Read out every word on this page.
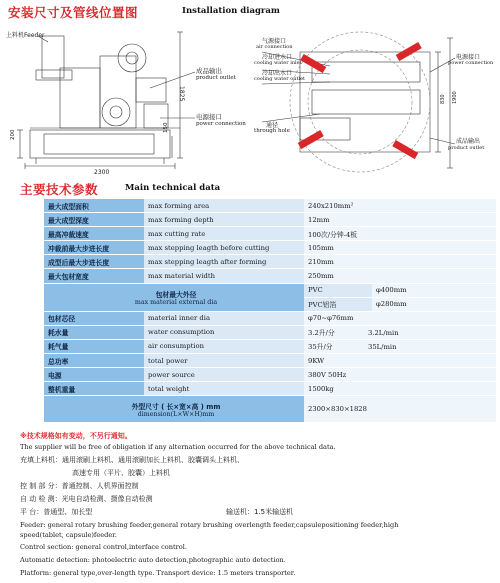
安装尺寸及管线位置图	Installation diagram
上料机Feeder
1825
2300
200
150
成品输出
product outlet
电源接口
power connection
气源接口
air connection
冷却进水口
cooling water inlet
冷却出水口
cooling water outlet
通径
through hole
电源接口
power connection
成品输出
product outlet
830 1900
主要技术参数	Main technical data
最大成型面积	max forming area	240x210mm²	
最大成型深度	max forming depth	12mm	
最高冲裁速度	max cutting rate	100次/分钟-4板	
冲裁前最大步进长度	max stepping leagth before cutting	105mm	
成型后最大步进长度	max stepping leagth after forming	210mm	
最大包材宽度	max material width	250mm	
包材最大外径
max material external dia		PVC	φ400mm
		PVC铝箔	φ280mm
包材芯径	material inner dia	φ70~φ76mm	
耗水量	water consumption	3.2升/分 3.2L/min	
耗气量	air consumption	35升/分 35L/min	
总功率	total power	9KW	
电源	power source	380V 50Hz	
整机重量	total weight	1500kg	
外型尺寸 ( 长×宽×高 ) mm
dimension(L×W×H)mm		2300×830×1828	
※技术规格如有变动，不另行通知。
The supplier will be free of obligation if any alternation occurred for the above technical data.
充填上料机：通用滚刷上料机、通用滚刷加长上料机、胶囊调头上料机、
高速专用（平片、胶囊）上料机
控 制 部 分：普通控制、人机界面控制
自 动 检 测：光电自动检测、摄像自动检测
平 台：普通型、加长型	输送机：1.5米输送机
Feeder: general rotary brushing feeder,general rotary brushing overlength feeder,capsulepositioning feeder,high
speed(tablet, capsule)feeder.
Control section: general control,interface control.
Automatic detection: photoelectric auto detection,photographic auto detection.
Platform: general type,over-length type. Transport device: 1.5 meters transporter.
